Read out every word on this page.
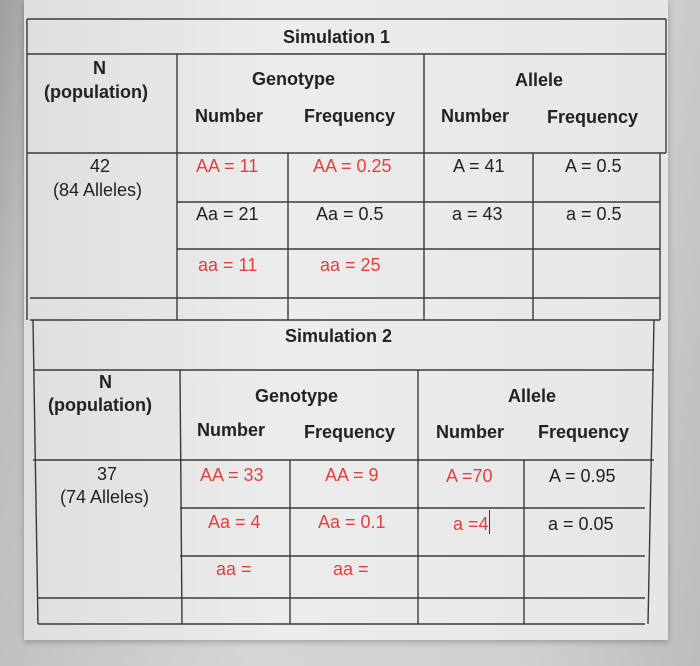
Simulation 1
N
(population)
Genotype	Allele
Number Frequency	Number Frequency
42
(84 Alleles)
AA = 11	AA = 0.25	A = 41	A = 0.5
Aa = 21	Aa = 0.5	a = 43	a = 0.5
aa = 11	aa = 25
Simulation 2
N
(population)	Genotype	Allele
Number Frequency Number Frequency
37
(74 Alleles)
AA = 33	AA = 9	A =70	A = 0.95
Aa = 4	Aa = 0.1	a =4	a = 0.05
aa =	aa =
